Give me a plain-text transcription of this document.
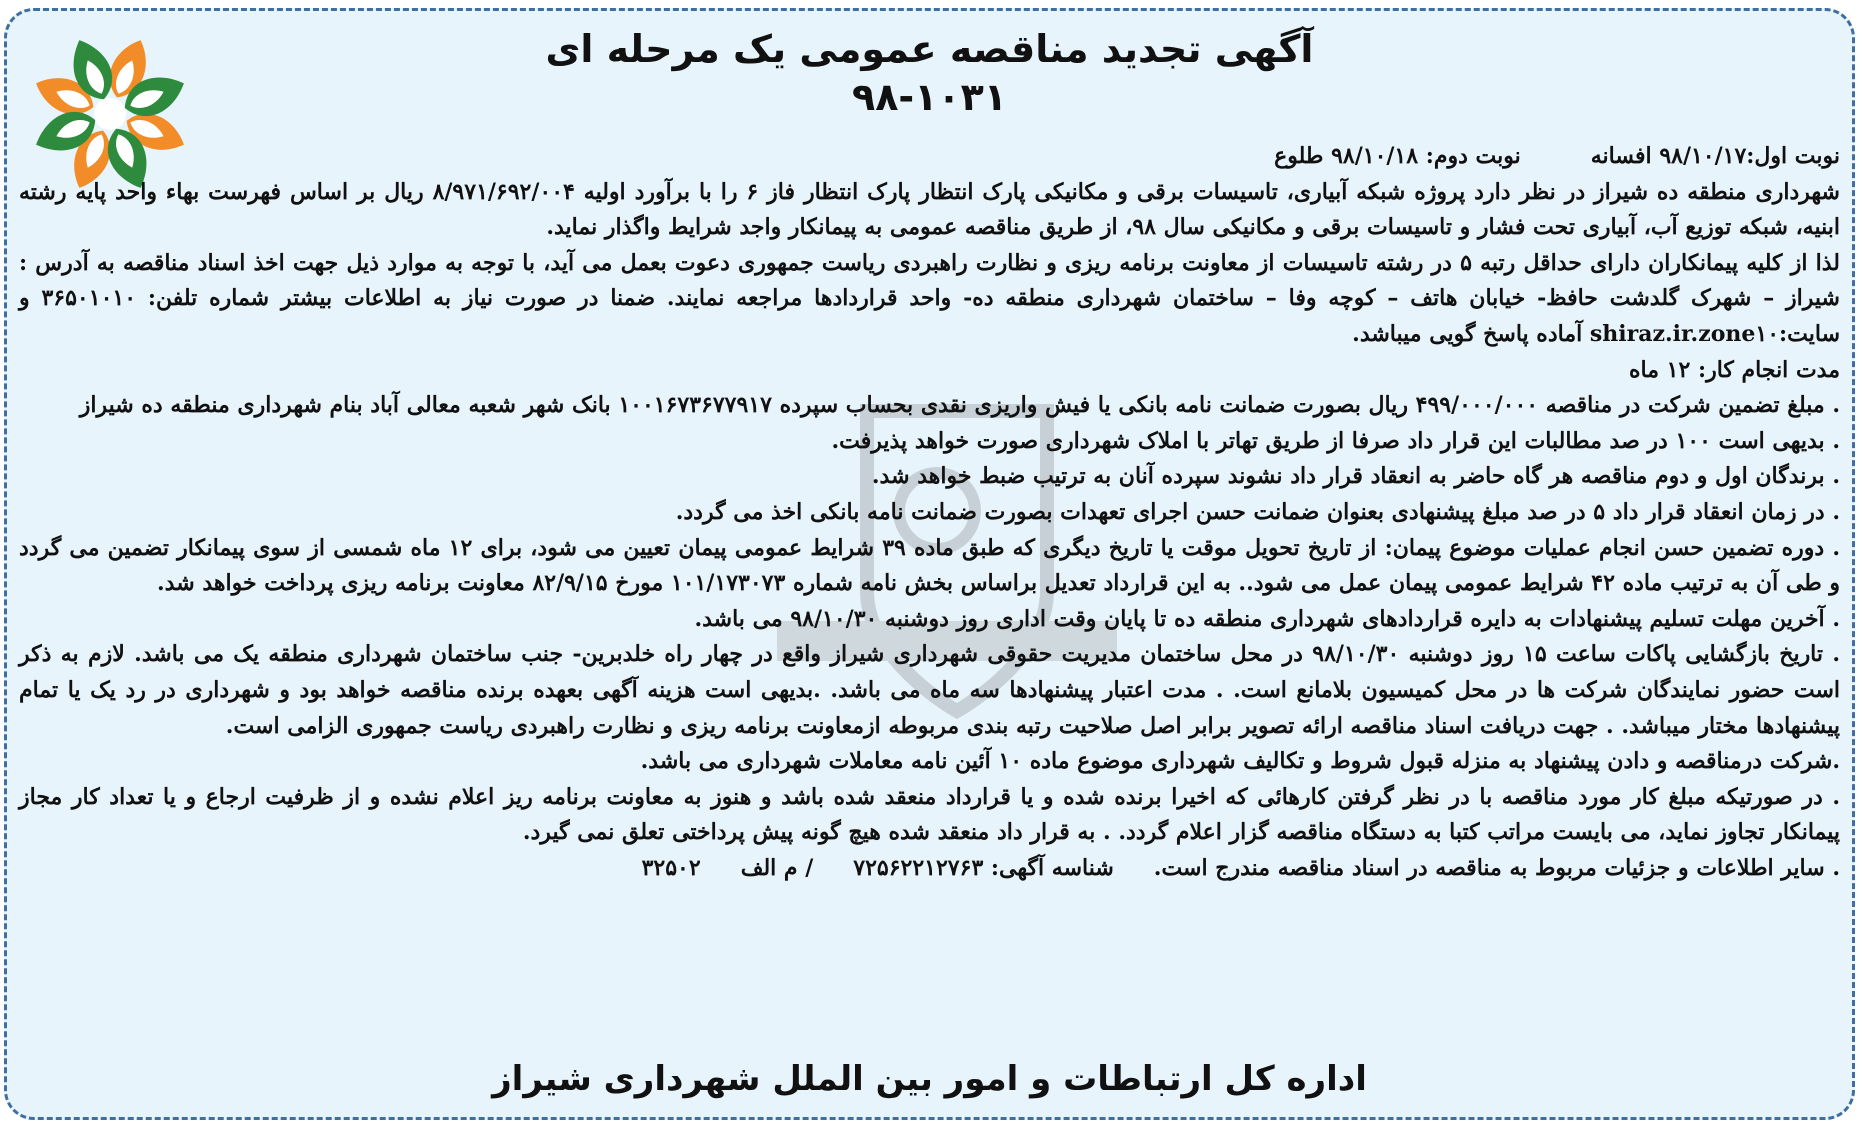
آگهی تجدید مناقصه عمومی یک مرحله ای
۹۸-۱۰۳۱

نوبت اول:۹۸/۱۰/۱۷ افسانه
نوبت دوم: ۹۸/۱۰/۱۸ طلوع

شهرداری منطقه ده شیراز در نظر دارد پروژه شبکه آبیاری، تاسیسات برقی و مکانیکی پارک انتظار پارک انتظار فاز ۶ را با برآورد اولیه ۸/۹۷۱/۶۹۲/۰۰۴ ریال بر اساس فهرست بهاء واحد پایه رشته ابنیه، شبکه توزیع آب، آبیاری تحت فشار و تاسیسات برقی و مکانیکی سال ۹۸، از طریق مناقصه عمومی به پیمانکار واجد شرایط واگذار نماید.

لذا از کلیه پیمانکاران دارای حداقل رتبه ۵ در رشته تاسیسات از معاونت برنامه ریزی و نظارت راهبردی ریاست جمهوری دعوت بعمل می آید، با توجه به موارد ذیل جهت اخذ اسناد مناقصه به آدرس : شیراز – شهرک گلدشت حافظ- خیابان هاتف – کوچه وفا – ساختمان شهرداری منطقه ده- واحد قراردادها مراجعه نمایند. ضمنا در صورت نیاز به اطلاعات بیشتر شماره تلفن: ۳۶۵۰۱۰۱۰ و سایت:shiraz.ir.zone۱۰ آماده پاسخ گویی میباشد.

مدت انجام کار: ۱۲ ماه

. مبلغ تضمین شرکت در مناقصه ۴۹۹/۰۰۰/۰۰۰ ریال بصورت ضمانت نامه بانکی یا فیش واریزی نقدی بحساب سپرده ۱۰۰۱۶۷۳۶۷۷۹۱۷ بانک شهر شعبه معالی آباد بنام شهرداری منطقه ده شیراز

. بدیهی است ۱۰۰ در صد مطالبات این قرار داد صرفا از طریق تهاتر با املاک شهرداری صورت خواهد پذیرفت.

. برندگان اول و دوم مناقصه هر گاه حاضر به انعقاد قرار داد نشوند سپرده آنان به ترتیب ضبط خواهد شد.

. در زمان انعقاد قرار داد ۵ در صد مبلغ پیشنهادی بعنوان ضمانت حسن اجرای تعهدات بصورت ضمانت نامه بانکی اخذ می گردد.

. دوره تضمین حسن انجام عملیات موضوع پیمان: از تاریخ تحویل موقت یا تاریخ دیگری که طبق ماده ۳۹ شرایط عمومی پیمان تعیین می شود، برای ۱۲ ماه شمسی از سوی پیمانکار تضمین می گردد و طی آن به ترتیب ماده ۴۲ شرایط عمومی پیمان عمل می شود.. به این قرارداد تعدیل براساس بخش نامه شماره ۱۰۱/۱۷۳۰۷۳ مورخ ۸۲/۹/۱۵ معاونت برنامه ریزی پرداخت خواهد شد.

. آخرین مهلت تسلیم پیشنهادات به دایره قراردادهای شهرداری منطقه ده تا پایان وقت اداری روز دوشنبه ۹۸/۱۰/۳۰ می باشد.

. تاریخ بازگشایی پاکات ساعت ۱۵ روز دوشنبه ۹۸/۱۰/۳۰ در محل ساختمان مدیریت حقوقی شهرداری شیراز واقع در چهار راه خلدبرین- جنب ساختمان شهرداری منطقه یک می باشد. لازم به ذکر است حضور نمایندگان شرکت ها در محل کمیسیون بلامانع است. . مدت اعتبار پیشنهادها سه ماه می باشد. .بدیهی است هزینه آگهی بعهده برنده مناقصه خواهد بود و شهرداری در رد یک یا تمام پیشنهادها مختار میباشد. . جهت دریافت اسناد مناقصه ارائه تصویر برابر اصل صلاحیت رتبه بندی مربوطه ازمعاونت برنامه ریزی و نظارت راهبردی ریاست جمهوری الزامی است.

.شرکت درمناقصه و دادن پیشنهاد به منزله قبول شروط و تکالیف شهرداری موضوع ماده ۱۰ آئین نامه معاملات شهرداری می باشد.

. در صورتیکه مبلغ کار مورد مناقصه با در نظر گرفتن کارهائی که اخیرا برنده شده و یا قرارداد منعقد شده باشد و هنوز به معاونت برنامه ریز اعلام نشده و از ظرفیت ارجاع و یا تعداد کار مجاز پیمانکار تجاوز نماید، می بایست مراتب کتبا به دستگاه مناقصه گزار اعلام گردد. . به قرار داد منعقد شده هیچ گونه پیش پرداختی تعلق نمی گیرد.

. سایر اطلاعات و جزئیات مربوط به مناقصه در اسناد مناقصه مندرج است.شناسه آگهی: ۷۲۵۶۲۲۱۲۷۶۳/ م الف۳۲۵۰۲

اداره کل ارتباطات و امور بین الملل شهرداری شیراز
